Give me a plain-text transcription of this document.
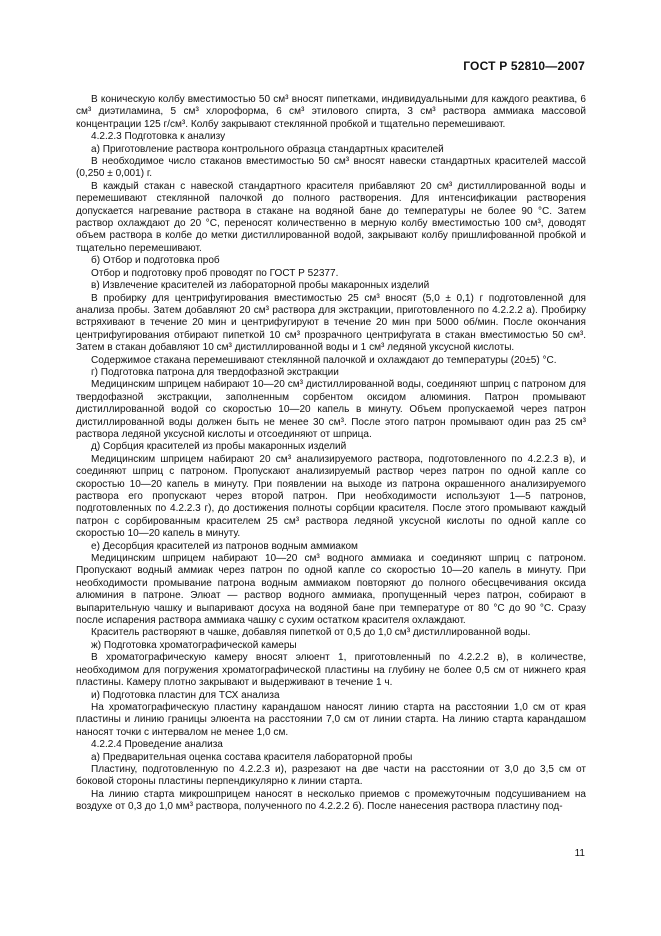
ГОСТ Р 52810—2007

В коническую колбу вместимостью 50 см³ вносят пипетками, индивидуальными для каждого реактива, 6 см³ диэтиламина, 5 см³ хлороформа, 6 см³ этилового спирта, 3 см³ раствора аммиака массовой концентрации 125 г/см³. Колбу закрывают стеклянной пробкой и тщательно перемешивают.

4.2.2.3 Подготовка к анализу

а) Приготовление раствора контрольного образца стандартных красителей

В необходимое число стаканов вместимостью 50 см³ вносят навески стандартных красителей массой (0,250 ± 0,001) г.

В каждый стакан с навеской стандартного красителя прибавляют 20 см³ дистиллированной воды и перемешивают стеклянной палочкой до полного растворения. Для интенсификации растворения допускается нагревание раствора в стакане на водяной бане до температуры не более 90 °С. Затем раствор охлаждают до 20 °С, переносят количественно в мерную колбу вместимостью 100 см³, доводят объем раствора в колбе до метки дистиллированной водой, закрывают колбу пришлифованной пробкой и тщательно перемешивают.

б) Отбор и подготовка проб

Отбор и подготовку проб проводят по ГОСТ Р 52377.

в) Извлечение красителей из лабораторной пробы макаронных изделий

В пробирку для центрифугирования вместимостью 25 см³ вносят (5,0 ± 0,1) г подготовленной для анализа пробы. Затем добавляют 20 см³ раствора для экстракции, приготовленного по 4.2.2.2 а). Пробирку встряхивают в течение 20 мин и центрифугируют в течение 20 мин при 5000 об/мин. После окончания центрифугирования отбирают пипеткой 10 см³ прозрачного центрифугата в стакан вместимостью 50 см³. Затем в стакан добавляют 10 см³ дистиллированной воды и 1 см³ ледяной уксусной кислоты.

Содержимое стакана перемешивают стеклянной палочкой и охлаждают до температуры (20±5) °С.

г) Подготовка патрона для твердофазной экстракции

Медицинским шприцем набирают 10—20 см³ дистиллированной воды, соединяют шприц с патроном для твердофазной экстракции, заполненным сорбентом оксидом алюминия. Патрон промывают дистиллированной водой со скоростью 10—20 капель в минуту. Объем пропускаемой через патрон дистиллированной воды должен быть не менее 30 см³. После этого патрон промывают один раз 25 см³ раствора ледяной уксусной кислоты и отсоединяют от шприца.

д) Сорбция красителей из пробы макаронных изделий

Медицинским шприцем набирают 20 см³ анализируемого раствора, подготовленного по 4.2.2.3 в), и соединяют шприц с патроном. Пропускают анализируемый раствор через патрон по одной капле со скоростью 10—20 капель в минуту. При появлении на выходе из патрона окрашенного анализируемого раствора его пропускают через второй патрон. При необходимости используют 1—5 патронов, подготовленных по 4.2.2.3 г), до достижения полноты сорбции красителя. После этого промывают каждый патрон с сорбированным красителем 25 см³ раствора ледяной уксусной кислоты по одной капле со скоростью 10—20 капель в минуту.

е) Десорбция красителей из патронов водным аммиаком

Медицинским шприцем набирают 10—20 см³ водного аммиака и соединяют шприц с патроном. Пропускают водный аммиак через патрон по одной капле со скоростью 10—20 капель в минуту. При необходимости промывание патрона водным аммиаком повторяют до полного обесцвечивания оксида алюминия в патроне. Элюат — раствор водного аммиака, пропущенный через патрон, собирают в выпарительную чашку и выпаривают досуха на водяной бане при температуре от 80 °С до 90 °С. Сразу после испарения раствора аммиака чашку с сухим остатком красителя охлаждают.

Краситель растворяют в чашке, добавляя пипеткой от 0,5 до 1,0 см³ дистиллированной воды.

ж) Подготовка хроматографической камеры

В хроматографическую камеру вносят элюент 1, приготовленный по 4.2.2.2 в), в количестве, необходимом для погружения хроматографической пластины на глубину не более 0,5 см от нижнего края пластины. Камеру плотно закрывают и выдерживают в течение 1 ч.

и) Подготовка пластин для ТСХ анализа

На хроматографическую пластину карандашом наносят линию старта на расстоянии 1,0 см от края пластины и линию границы элюента на расстоянии 7,0 см от линии старта. На линию старта карандашом наносят точки с интервалом не менее 1,0 см.

4.2.2.4 Проведение анализа

а) Предварительная оценка состава красителя лабораторной пробы

Пластину, подготовленную по 4.2.2.3 и), разрезают на две части на расстоянии от 3,0 до 3,5 см от боковой стороны пластины перпендикулярно к линии старта.

На линию старта микрошприцем наносят в несколько приемов с промежуточным подсушиванием на воздухе от 0,3 до 1,0 мм³ раствора, полученного по 4.2.2.2 б). После нанесения раствора пластину под-

11
